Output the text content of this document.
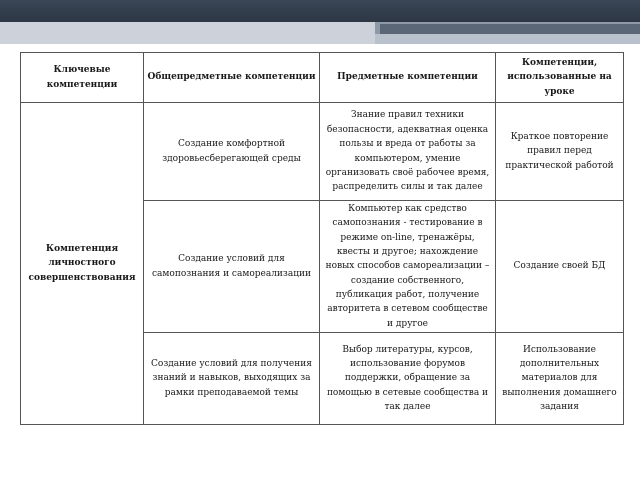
Ключевые компетенции	Общепредметные компетенции	Предметные компетенции	Компетенции, использованные на уроке
Компетенция личностного совершенствования	Создание комфортной здоровьесберегающей среды	Знание правил техники безопасности, адекватная оценка пользы и вреда от работы за компьютером, умение организовать своё рабочее время, распределить силы и так далее	Краткое повторение правил перед практической работой
	Создание условий для самопознания и самореализации	Компьютер как средство самопознания - тестирование в режиме on-line, тренажёры, квесты и другое; нахождение новых способов самореализации – создание собственного, публикация работ, получение авторитета в сетевом сообществе и другое	Создание своей БД
	Создание условий для получения знаний и навыков, выходящих за рамки преподаваемой темы	Выбор литературы, курсов, использование форумов поддержки, обращение за помощью в сетевые сообщества и так далее	Использование дополнительных материалов для выполнения домашнего задания
